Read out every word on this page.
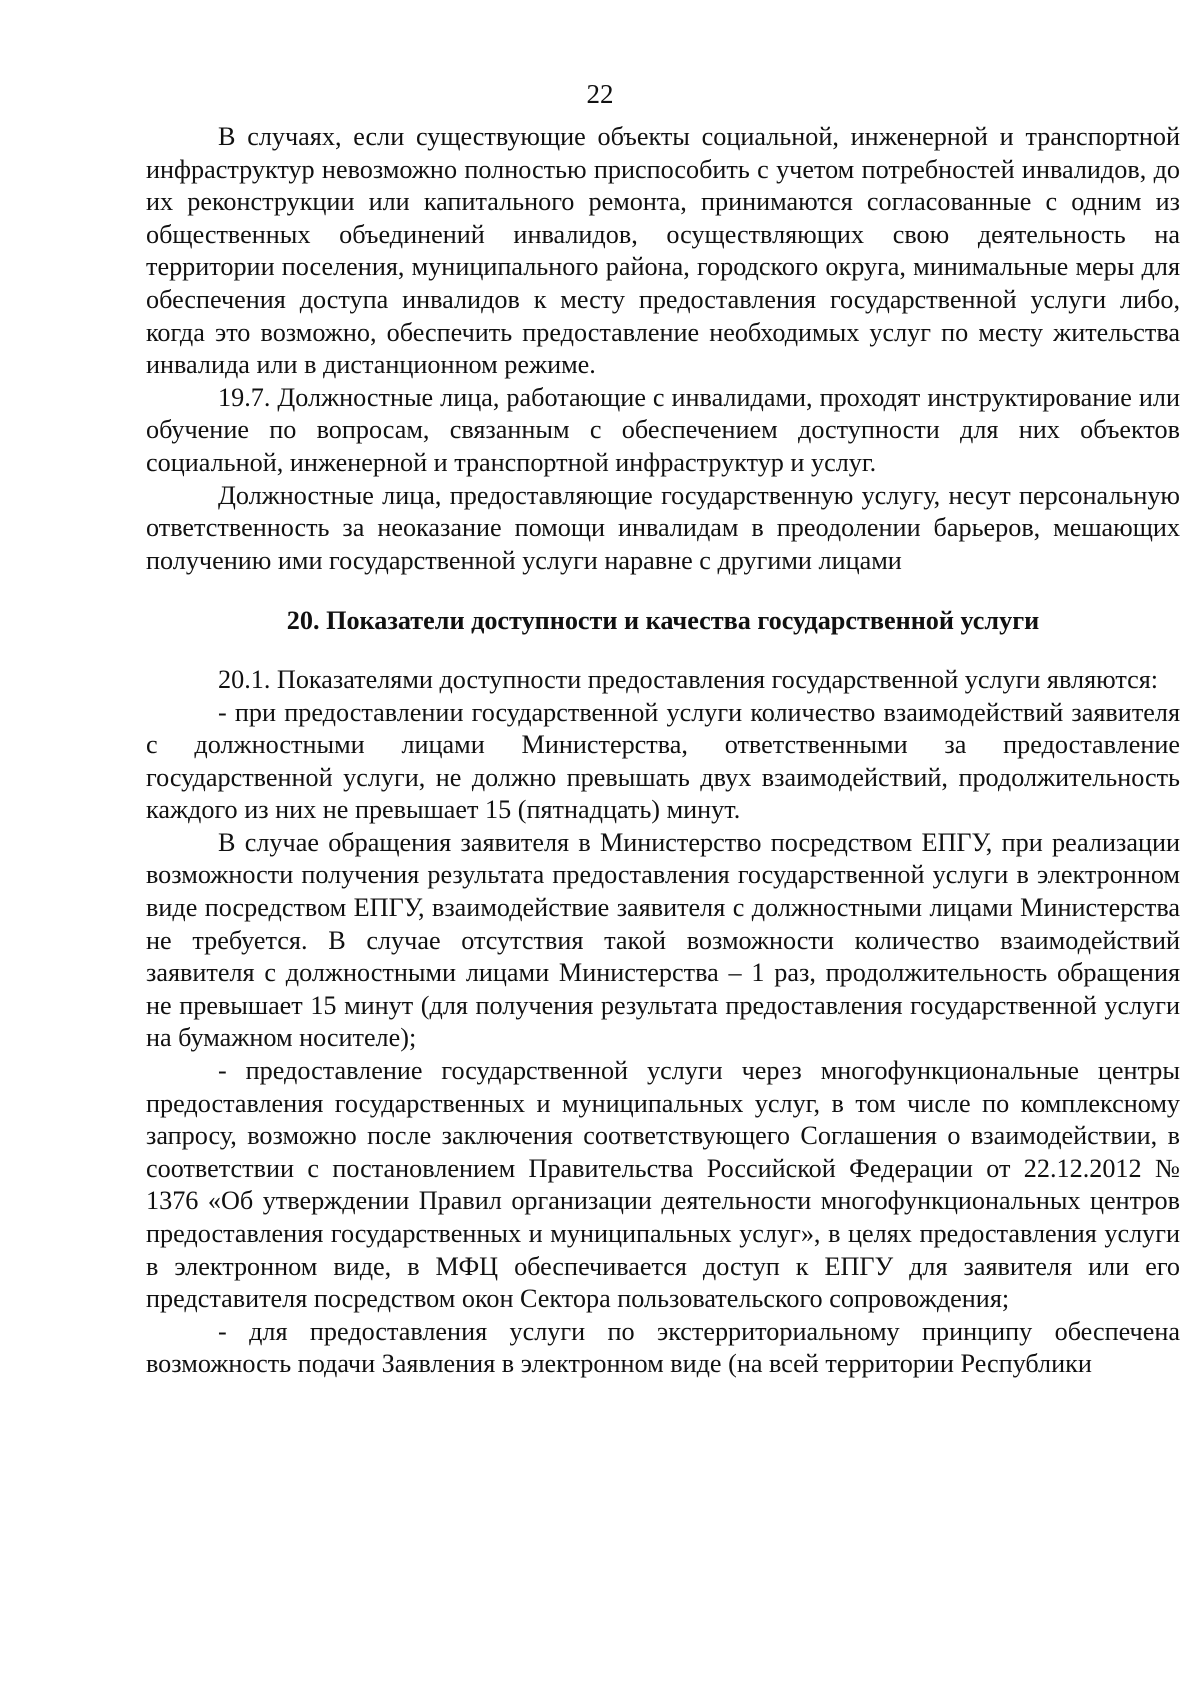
22

В случаях, если существующие объекты социальной, инженерной и транспортной инфраструктур невозможно полностью приспособить с учетом потребностей инвалидов, до их реконструкции или капитального ремонта, принимаются согласованные с одним из общественных объединений инвалидов, осуществляющих свою деятельность на территории поселения, муниципального района, городского округа, минимальные меры для обеспечения доступа инвалидов к месту предоставления государственной услуги либо, когда это возможно, обеспечить предоставление необходимых услуг по месту жительства инвалида или в дистанционном режиме.

19.7. Должностные лица, работающие с инвалидами, проходят инструктирование или обучение по вопросам, связанным с обеспечением доступности для них объектов социальной, инженерной и транспортной инфраструктур и услуг.

Должностные лица, предоставляющие государственную услугу, несут персональную ответственность за неоказание помощи инвалидам в преодолении барьеров, мешающих получению ими государственной услуги наравне с другими лицами

20. Показатели доступности и качества государственной услуги

20.1. Показателями доступности предоставления государственной услуги являются:

- при предоставлении государственной услуги количество взаимодействий заявителя с должностными лицами Министерства, ответственными за предоставление государственной услуги, не должно превышать двух взаимодействий, продолжительность каждого из них не превышает 15 (пятнадцать) минут.

В случае обращения заявителя в Министерство посредством ЕПГУ, при реализации возможности получения результата предоставления государственной услуги в электронном виде посредством ЕПГУ, взаимодействие заявителя с должностными лицами Министерства не требуется. В случае отсутствия такой возможности количество взаимодействий заявителя с должностными лицами Министерства – 1 раз, продолжительность обращения не превышает 15 минут (для получения результата предоставления государственной услуги на бумажном носителе);

- предоставление государственной услуги через многофункциональные центры предоставления государственных и муниципальных услуг, в том числе по комплексному запросу, возможно после заключения соответствующего Соглашения о взаимодействии, в соответствии с постановлением Правительства Российской Федерации от 22.12.2012 № 1376 «Об утверждении Правил организации деятельности многофункциональных центров предоставления государственных и муниципальных услуг», в целях предоставления услуги в электронном виде, в МФЦ обеспечивается доступ к ЕПГУ для заявителя или его представителя посредством окон Сектора пользовательского сопровождения;

- для предоставления услуги по экстерриториальному принципу обеспечена возможность подачи Заявления в электронном виде (на всей территории Республики
